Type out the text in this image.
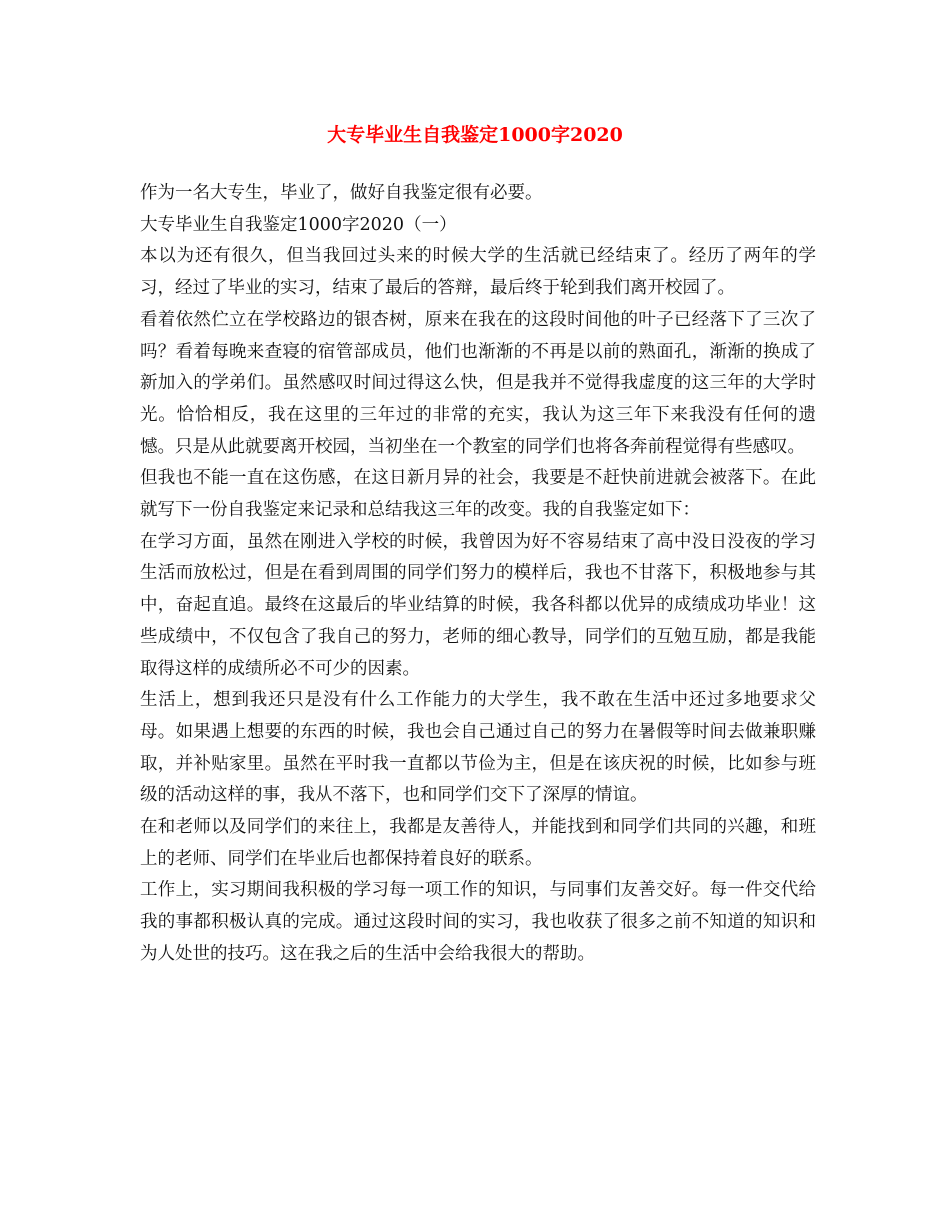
大专毕业生自我鉴定1000字2020

作为一名大专生，毕业了，做好自我鉴定很有必要。

大专毕业生自我鉴定1000字2020（一）

本以为还有很久，但当我回过头来的时候大学的生活就已经结束了。经历了两年的学习，经过了毕业的实习，结束了最后的答辩，最后终于轮到我们离开校园了。

看着依然伫立在学校路边的银杏树，原来在我在的这段时间他的叶子已经落下了三次了吗？看着每晚来查寝的宿管部成员，他们也渐渐的不再是以前的熟面孔，渐渐的换成了新加入的学弟们。虽然感叹时间过得这么快，但是我并不觉得我虚度的这三年的大学时光。恰恰相反，我在这里的三年过的非常的充实，我认为这三年下来我没有任何的遗憾。只是从此就要离开校园，当初坐在一个教室的同学们也将各奔前程觉得有些感叹。

但我也不能一直在这伤感，在这日新月异的社会，我要是不赶快前进就会被落下。在此就写下一份自我鉴定来记录和总结我这三年的改变。我的自我鉴定如下：

在学习方面，虽然在刚进入学校的时候，我曾因为好不容易结束了高中没日没夜的学习生活而放松过，但是在看到周围的同学们努力的模样后，我也不甘落下，积极地参与其中，奋起直追。最终在这最后的毕业结算的时候，我各科都以优异的成绩成功毕业！这些成绩中，不仅包含了我自己的努力，老师的细心教导，同学们的互勉互励，都是我能取得这样的成绩所必不可少的因素。

生活上，想到我还只是没有什么工作能力的大学生，我不敢在生活中还过多地要求父母。如果遇上想要的东西的时候，我也会自己通过自己的努力在暑假等时间去做兼职赚取，并补贴家里。虽然在平时我一直都以节俭为主，但是在该庆祝的时候，比如参与班级的活动这样的事，我从不落下，也和同学们交下了深厚的情谊。

在和老师以及同学们的来往上，我都是友善待人，并能找到和同学们共同的兴趣，和班上的老师、同学们在毕业后也都保持着良好的联系。

工作上，实习期间我积极的学习每一项工作的知识，与同事们友善交好。每一件交代给我的事都积极认真的完成。通过这段时间的实习，我也收获了很多之前不知道的知识和为人处世的技巧。这在我之后的生活中会给我很大的帮助。
